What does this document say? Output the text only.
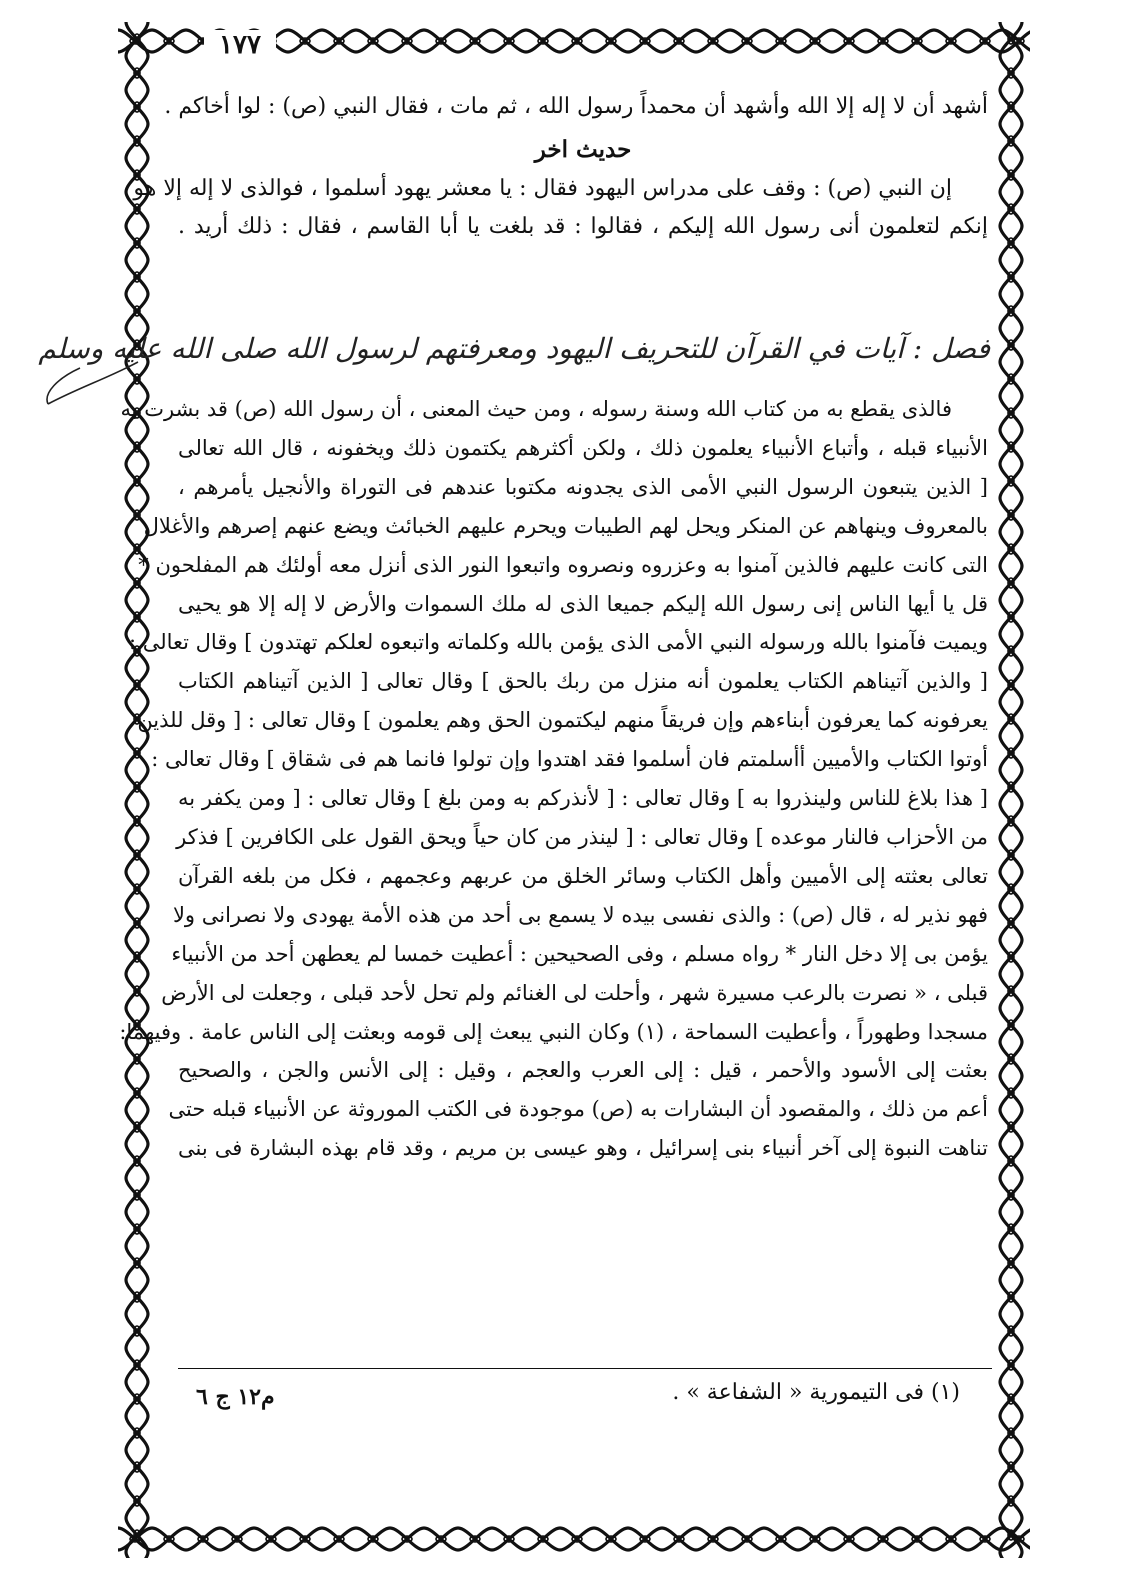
١٧٧
أشهد أن لا إله إلا الله وأشهد أن محمداً رسول الله ، ثم مات ، فقال النبي (ص) : لوا أخاكم .
حديث اخر
إن النبي (ص) : وقف على مدراس اليهود فقال : يا معشر يهود أسلموا ، فوالذى لا إله إلا هو
إنكم لتعلمون أنى رسول الله إليكم ، فقالوا : قد بلغت يا أبا القاسم ، فقال : ذلك أريد .
فصل : آيات في القرآن للتحريف اليهود ومعرفتهم لرسول الله صلى الله عليه وسلم
فالذى يقطع به من كتاب الله وسنة رسوله ، ومن حيث المعنى ، أن رسول الله (ص) قد بشرت به
الأنبياء قبله ، وأتباع الأنبياء يعلمون ذلك ، ولكن أكثرهم يكتمون ذلك ويخفونه ، قال الله تعالى
[ الذين يتبعون الرسول النبي الأمى الذى يجدونه مكتوبا عندهم فى التوراة والأنجيل يأمرهم ،
بالمعروف وينهاهم عن المنكر ويحل لهم الطيبات ويحرم عليهم الخبائث ويضع عنهم إصرهم والأغلال
التى كانت عليهم فالذين آمنوا به وعزروه ونصروه واتبعوا النور الذى أنزل معه أولئك هم المفلحون *
قل يا أيها الناس إنى رسول الله إليكم جميعا الذى له ملك السموات والأرض لا إله إلا هو يحيى
ويميت فآمنوا بالله ورسوله النبي الأمى الذى يؤمن بالله وكلماته واتبعوه لعلكم تهتدون ] وقال تعالى :
[ والذين آتيناهم الكتاب يعلمون أنه منزل من ربك بالحق ] وقال تعالى [ الذين آتيناهم الكتاب
يعرفونه كما يعرفون أبناءهم وإن فريقاً منهم ليكتمون الحق وهم يعلمون ] وقال تعالى : [ وقل للذين
أوتوا الكتاب والأميين أأسلمتم فان أسلموا فقد اهتدوا وإن تولوا فانما هم فى شقاق ] وقال تعالى :
[ هذا بلاغ للناس ولينذروا به ] وقال تعالى : [ لأنذركم به ومن بلغ ] وقال تعالى : [ ومن يكفر به
من الأحزاب فالنار موعده ] وقال تعالى : [ لينذر من كان حياً ويحق القول على الكافرين ] فذكر
تعالى بعثته إلى الأميين وأهل الكتاب وسائر الخلق من عربهم وعجمهم ، فكل من بلغه القرآن
فهو نذير له ، قال (ص) : والذى نفسى بيده لا يسمع بى أحد من هذه الأمة يهودى ولا نصرانى ولا
يؤمن بى إلا دخل النار * رواه مسلم ، وفى الصحيحين : أعطيت خمسا لم يعطهن أحد من الأنبياء
قبلى ، « نصرت بالرعب مسيرة شهر ، وأحلت لى الغنائم ولم تحل لأحد قبلى ، وجعلت لى الأرض
مسجدا وطهوراً ، وأعطيت السماحة ، (١) وكان النبي يبعث إلى قومه وبعثت إلى الناس عامة . وفيهما:
بعثت إلى الأسود والأحمر ، قيل : إلى العرب والعجم ، وقيل : إلى الأنس والجن ، والصحيح
أعم من ذلك ، والمقصود أن البشارات به (ص) موجودة فى الكتب الموروثة عن الأنبياء قبله حتى
تناهت النبوة إلى آخر أنبياء بنى إسرائيل ، وهو عيسى بن مريم ، وقد قام بهذه البشارة فى بنى
(١) فى التيمورية « الشفاعة » .
م١٢ ج ٦
